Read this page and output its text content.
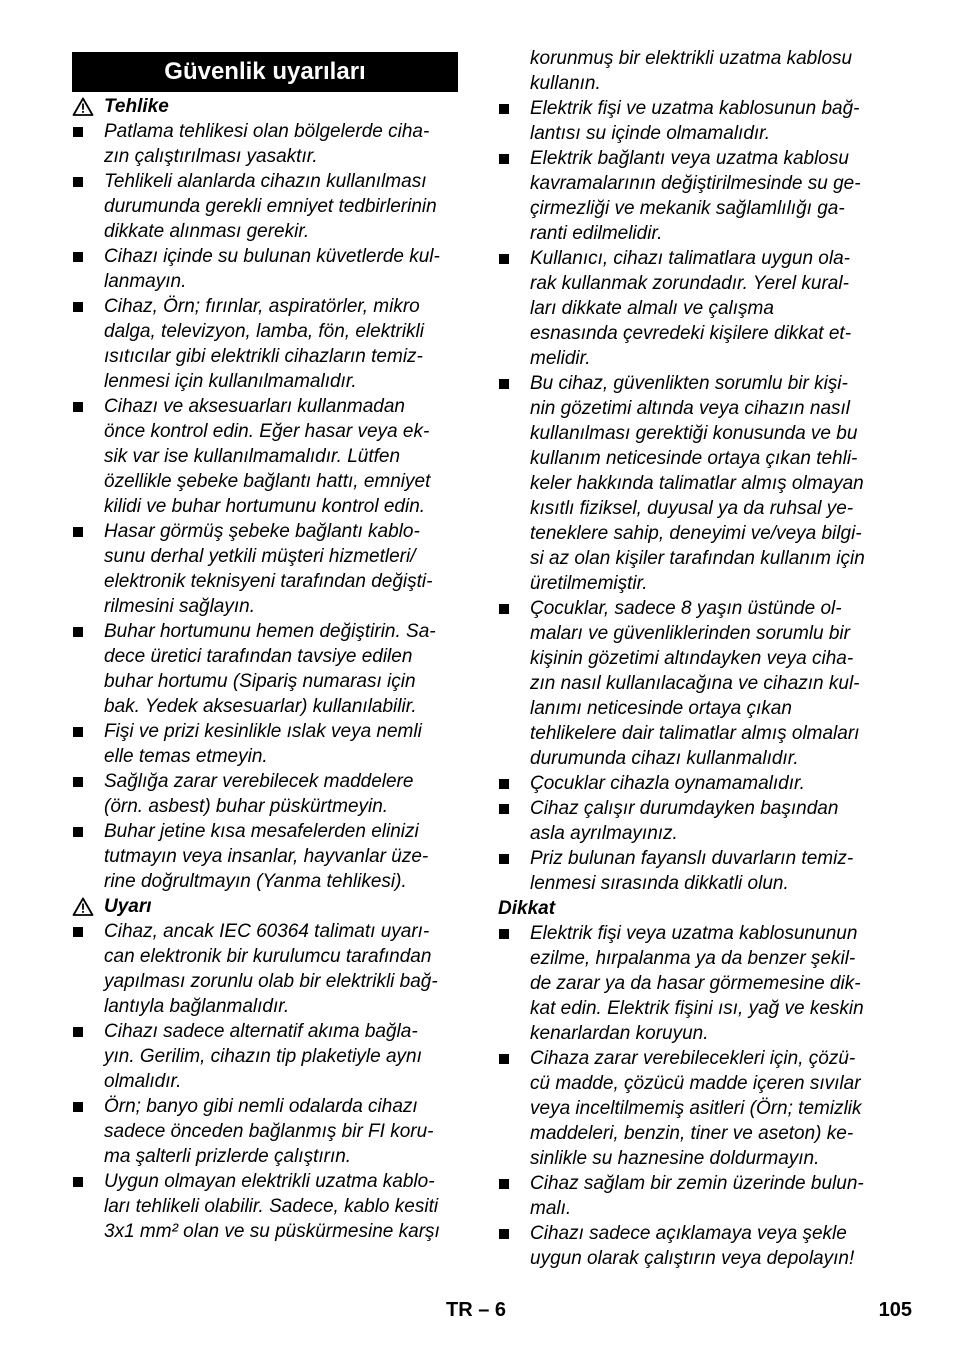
Güvenlik uyarıları
Tehlike
Patlama tehlikesi olan bölgelerde ciha-
zın çalıştırılması yasaktır.
Tehlikeli alanlarda cihazın kullanılması
durumunda gerekli emniyet tedbirlerinin
dikkate alınması gerekir.
Cihazı içinde su bulunan küvetlerde kul-
lanmayın.
Cihaz, Örn; fırınlar, aspiratörler, mikro
dalga, televizyon, lamba, fön, elektrikli
ısıtıcılar gibi elektrikli cihazların temiz-
lenmesi için kullanılmamalıdır.
Cihazı ve aksesuarları kullanmadan
önce kontrol edin. Eğer hasar veya ek-
sik var ise kullanılmamalıdır. Lütfen
özellikle şebeke bağlantı hattı, emniyet
kilidi ve buhar hortumunu kontrol edin.
Hasar görmüş şebeke bağlantı kablo-
sunu derhal yetkili müşteri hizmetleri/
elektronik teknisyeni tarafından değişti-
rilmesini sağlayın.
Buhar hortumunu hemen değiştirin. Sa-
dece üretici tarafından tavsiye edilen
buhar hortumu (Sipariş numarası için
bak. Yedek aksesuarlar) kullanılabilir.
Fişi ve prizi kesinlikle ıslak veya nemli
elle temas etmeyin.
Sağlığa zarar verebilecek maddelere
(örn. asbest) buhar püskürtmeyin.
Buhar jetine kısa mesafelerden elinizi
tutmayın veya insanlar, hayvanlar üze-
rine doğrultmayın (Yanma tehlikesi).
Uyarı
Cihaz, ancak IEC 60364 talimatı uyarı-
can elektronik bir kurulumcu tarafından
yapılması zorunlu olab bir elektrikli bağ-
lantıyla bağlanmalıdır.
Cihazı sadece alternatif akıma bağla-
yın. Gerilim, cihazın tip plaketiyle aynı
olmalıdır.
Örn; banyo gibi nemli odalarda cihazı
sadece önceden bağlanmış bir FI koru-
ma şalterli prizlerde çalıştırın.
Uygun olmayan elektrikli uzatma kablo-
ları tehlikeli olabilir. Sadece, kablo kesiti
3x1 mm² olan ve su püskürmesine karşı
korunmuş bir elektrikli uzatma kablosu
kullanın.
Elektrik fişi ve uzatma kablosunun bağ-
lantısı su içinde olmamalıdır.
Elektrik bağlantı veya uzatma kablosu
kavramalarının değiştirilmesinde su ge-
çirmezliği ve mekanik sağlamlılığı ga-
ranti edilmelidir.
Kullanıcı, cihazı talimatlara uygun ola-
rak kullanmak zorundadır. Yerel kural-
ları dikkate almalı ve çalışma
esnasında çevredeki kişilere dikkat et-
melidir.
Bu cihaz, güvenlikten sorumlu bir kişi-
nin gözetimi altında veya cihazın nasıl
kullanılması gerektiği konusunda ve bu
kullanım neticesinde ortaya çıkan tehli-
keler hakkında talimatlar almış olmayan
kısıtlı fiziksel, duyusal ya da ruhsal ye-
teneklere sahip, deneyimi ve/veya bilgi-
si az olan kişiler tarafından kullanım için
üretilmemiştir.
Çocuklar, sadece 8 yaşın üstünde ol-
maları ve güvenliklerinden sorumlu bir
kişinin gözetimi altındayken veya ciha-
zın nasıl kullanılacağına ve cihazın kul-
lanımı neticesinde ortaya çıkan
tehlikelere dair talimatlar almış olmaları
durumunda cihazı kullanmalıdır.
Çocuklar cihazla oynamamalıdır.
Cihaz çalışır durumdayken başından
asla ayrılmayınız.
Priz bulunan fayanslı duvarların temiz-
lenmesi sırasında dikkatli olun.
Dikkat
Elektrik fişi veya uzatma kablosununun
ezilme, hırpalanma ya da benzer şekil-
de zarar ya da hasar görmemesine dik-
kat edin. Elektrik fişini ısı, yağ ve keskin
kenarlardan koruyun.
Cihaza zarar verebilecekleri için, çözü-
cü madde, çözücü madde içeren sıvılar
veya inceltilmemiş asitleri (Örn; temizlik
maddeleri, benzin, tiner ve aseton) ke-
sinlikle su haznesine doldurmayın.
Cihaz sağlam bir zemin üzerinde bulun-
malı.
Cihazı sadece açıklamaya veya şekle
uygun olarak çalıştırın veya depolayın!
TR – 6	105
